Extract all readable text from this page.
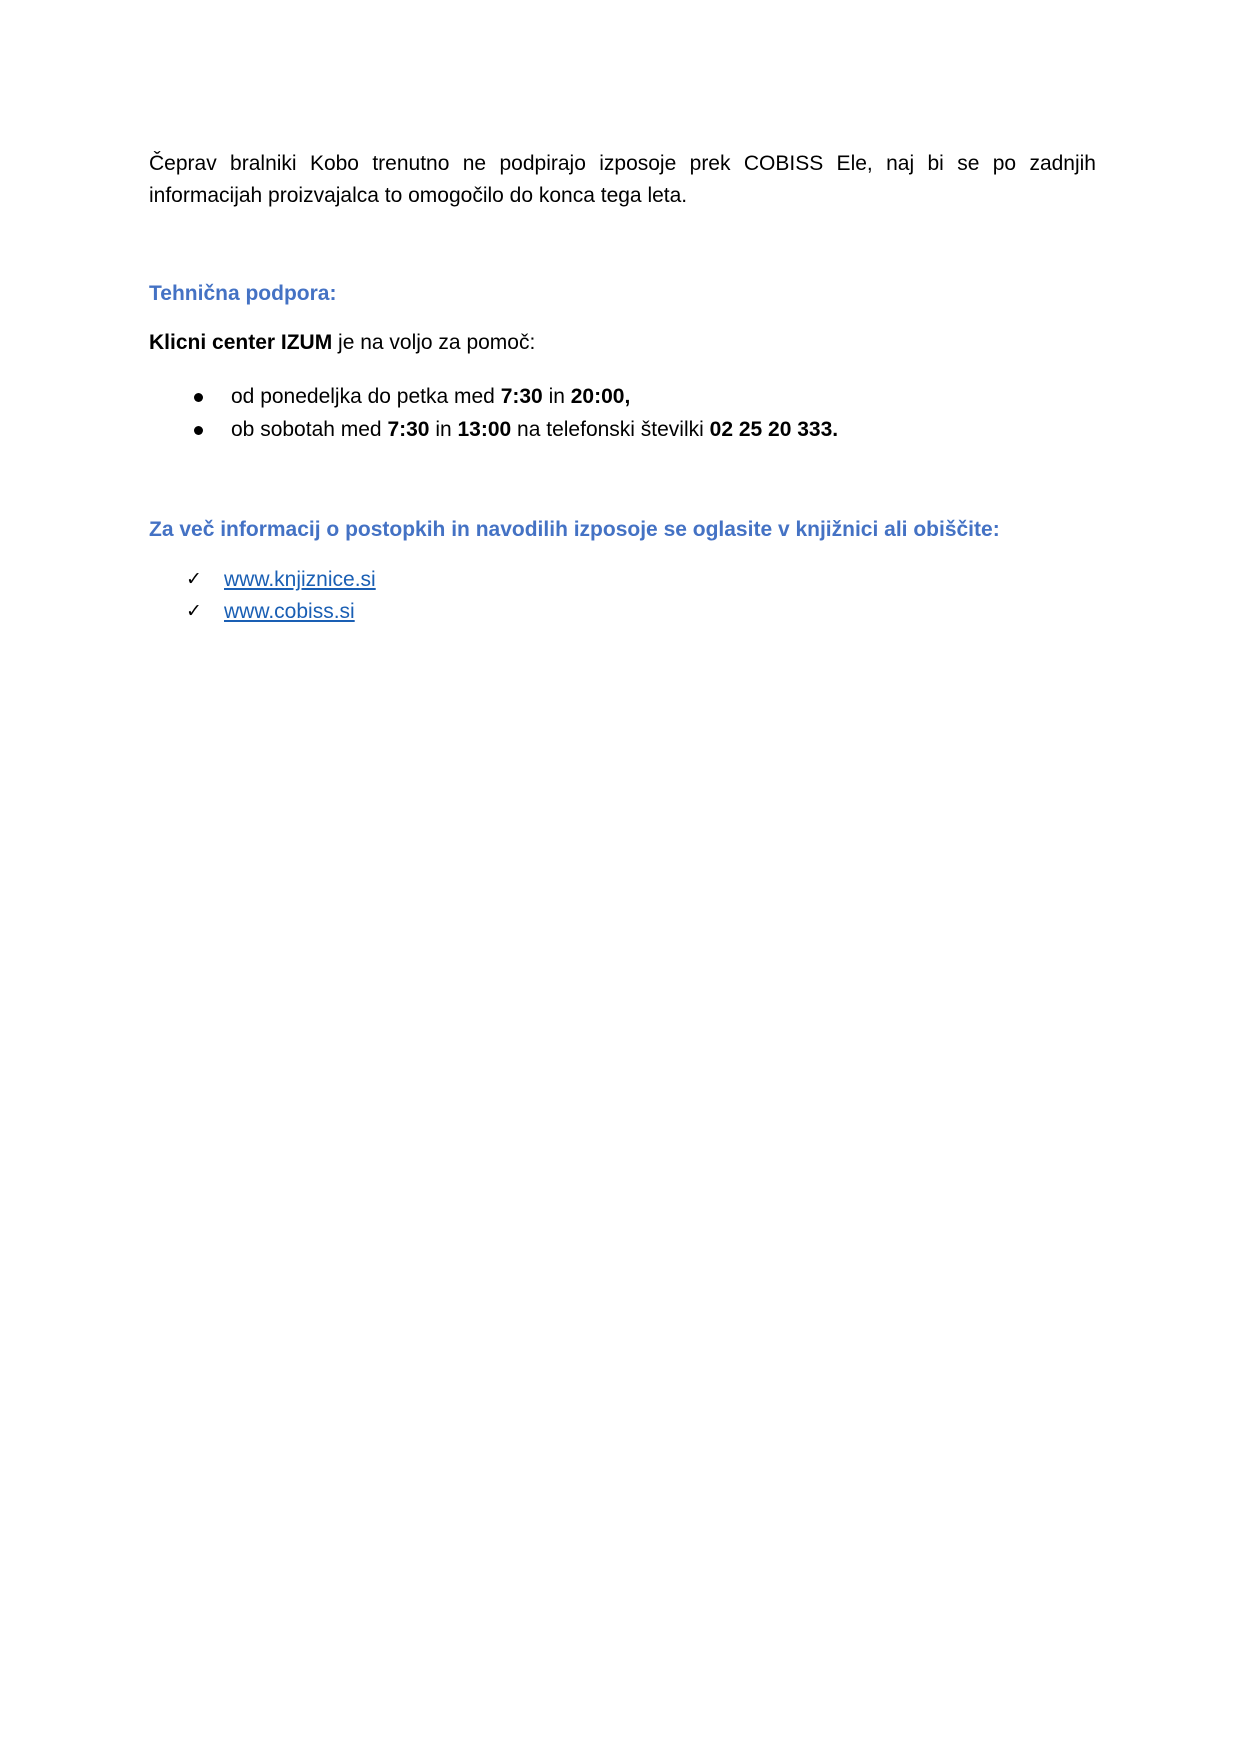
Čeprav bralniki Kobo trenutno ne podpirajo izposoje prek COBISS Ele, naj bi se po zadnjih informacijah proizvajalca to omogočilo do konca tega leta.

Tehnična podpora:

Klicni center IZUM je na voljo za pomoč:

od ponedeljka do petka med 7:30 in 20:00,
ob sobotah med 7:30 in 13:00 na telefonski številki 02 25 20 333.

Za več informacij o postopkih in navodilih izposoje se oglasite v knjižnici ali obiščite:

✓ www.knjiznice.si
✓ www.cobiss.si
